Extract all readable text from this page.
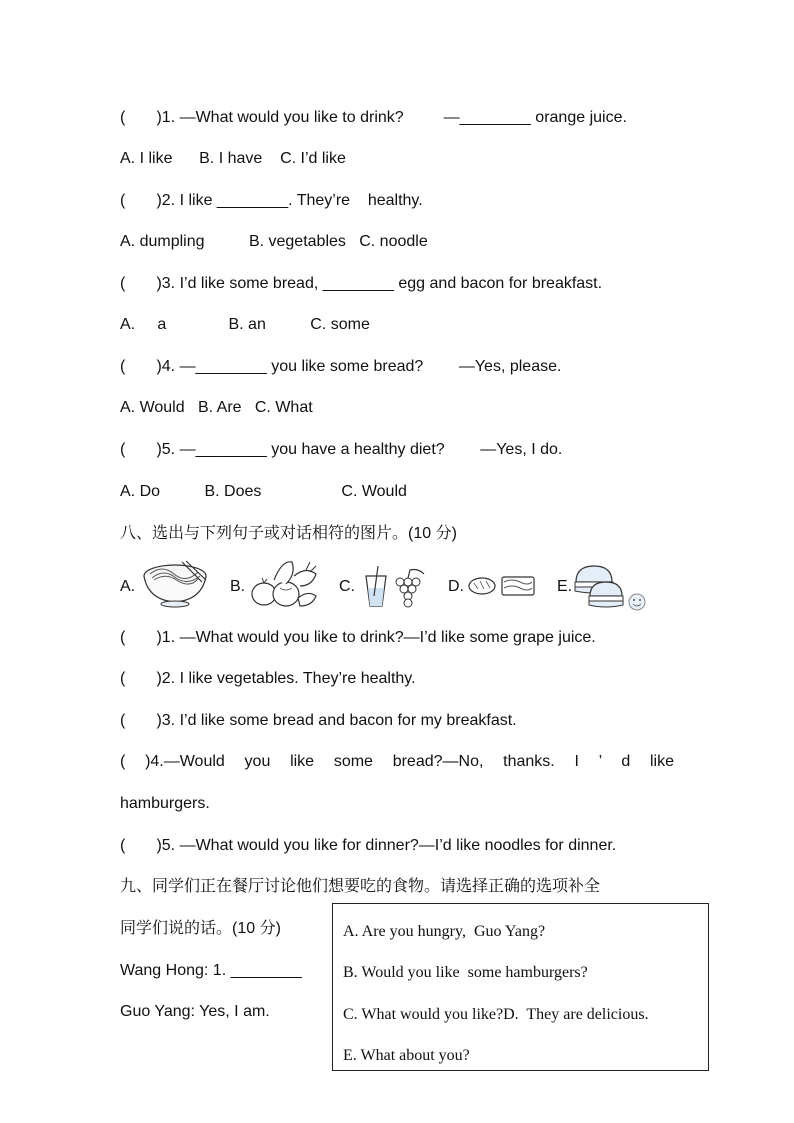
(       )1. —What would you like to drink?         —________ orange juice.
A. I like      B. I have    C. I’d like
(       )2. I like ________. They’re    healthy.
A. dumpling          B. vegetables   C. noodle
(       )3. I’d like some bread, ________ egg and bacon for breakfast.
A.     a              B. an          C. some
(       )4. —________ you like some bread?        —Yes, please.
A. Would   B. Are   C. What
(       )5. —________ you have a healthy diet?        —Yes, I do.
A. Do          B. Does                  C. Would
八、选出与下列句子或对话相符的图片。(10 分)
A.	B.	C.	D.	E.
(       )1. —What would you like to drink?—I’d like some grape juice.
(       )2. I like vegetables. They’re healthy.
(       )3. I’d like some bread and bacon for my breakfast.
( )4.—Would you like some bread?—No, thanks. I ’ d like
hamburgers.
(       )5. —What would you like for dinner?—I’d like noodles for dinner.
九、同学们正在餐厅讨论他们想要吃的食物。请选择正确的选项补全
同学们说的话。(10 分)
Wang Hong: 1. ________
Guo Yang: Yes, I am.
A. Are you hungry,  Guo Yang?
B. Would you like  some hamburgers?
C. What would you like?D.  They are delicious.
E. What about you?
